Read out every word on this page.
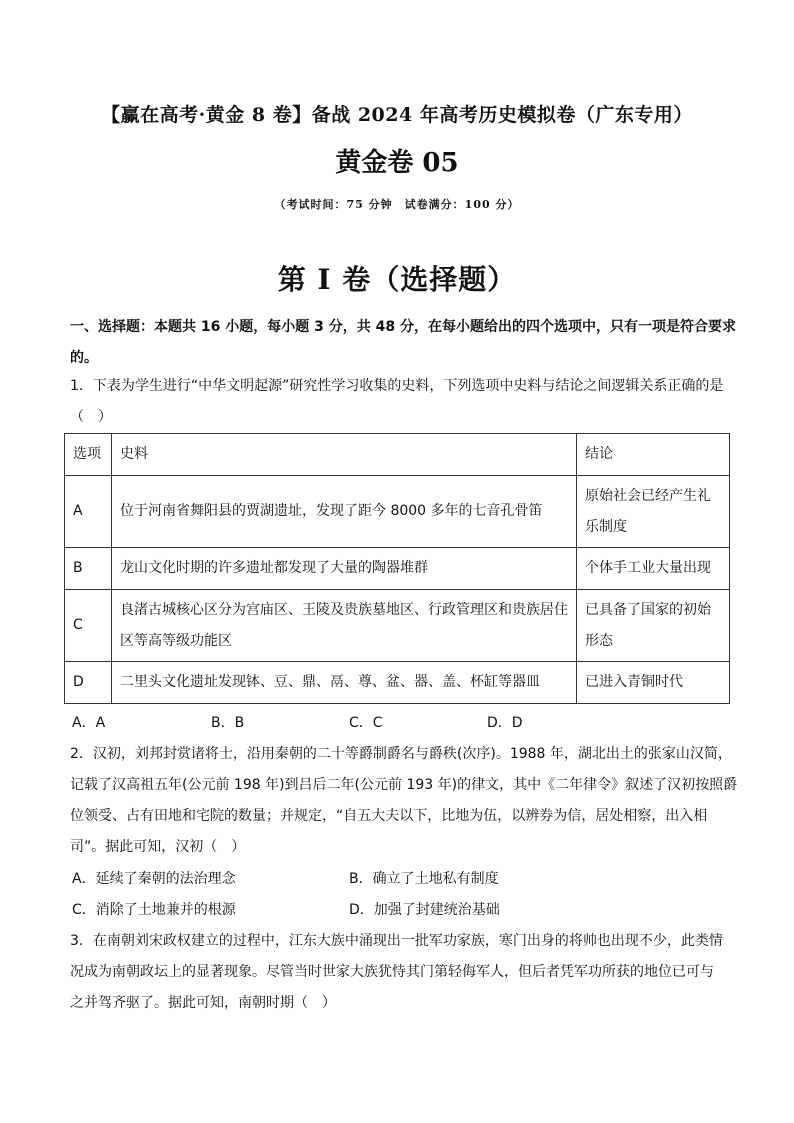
【赢在高考·黄金 8 卷】备战 2024 年高考历史模拟卷（广东专用）
黄金卷 05
（考试时间：75 分钟　试卷满分：100 分）
第 I 卷（选择题）
一、选择题：本题共 16 小题，每小题 3 分，共 48 分，在每小题给出的四个选项中，只有一项是符合要求
的。
1．下表为学生进行“中华文明起源”研究性学习收集的史料，下列选项中史料与结论之间逻辑关系正确的是
（　）
选项	史料	结论
A	位于河南省舞阳县的贾湖遗址，发现了距今 8000 多年的七音孔骨笛	原始社会已经产生礼乐制度
B	龙山文化时期的许多遗址都发现了大量的陶器堆群	个体手工业大量出现
C	良渚古城核心区分为宫庙区、王陵及贵族墓地区、行政管理区和贵族居住区等高等级功能区	已具备了国家的初始形态
D	二里头文化遗址发现钵、豆、鼎、鬲、尊、盆、器、盖、杯缸等器皿	已进入青铜时代
A．A	B．B	C．C	D．D
2．汉初，刘邦封赏诸将士，沿用秦朝的二十等爵制爵名与爵秩(次序)。1988 年，湖北出土的张家山汉简，
记载了汉高祖五年(公元前 198 年)到吕后二年(公元前 193 年)的律文，其中《二年律令》叙述了汉初按照爵
位领受、占有田地和宅院的数量；并规定，“自五大夫以下，比地为伍，以辨券为信，居处相察，出入相
司”。据此可知，汉初（　）
A．延续了秦朝的法治理念	B．确立了土地私有制度
C．消除了土地兼并的根源	D．加强了封建统治基础
3．在南朝刘宋政权建立的过程中，江东大族中涌现出一批军功家族，寒门出身的将帅也出现不少，此类情
况成为南朝政坛上的显著现象。尽管当时世家大族犹恃其门第轻侮军人，但后者凭军功所获的地位已可与
之并驾齐驱了。据此可知，南朝时期（　）
